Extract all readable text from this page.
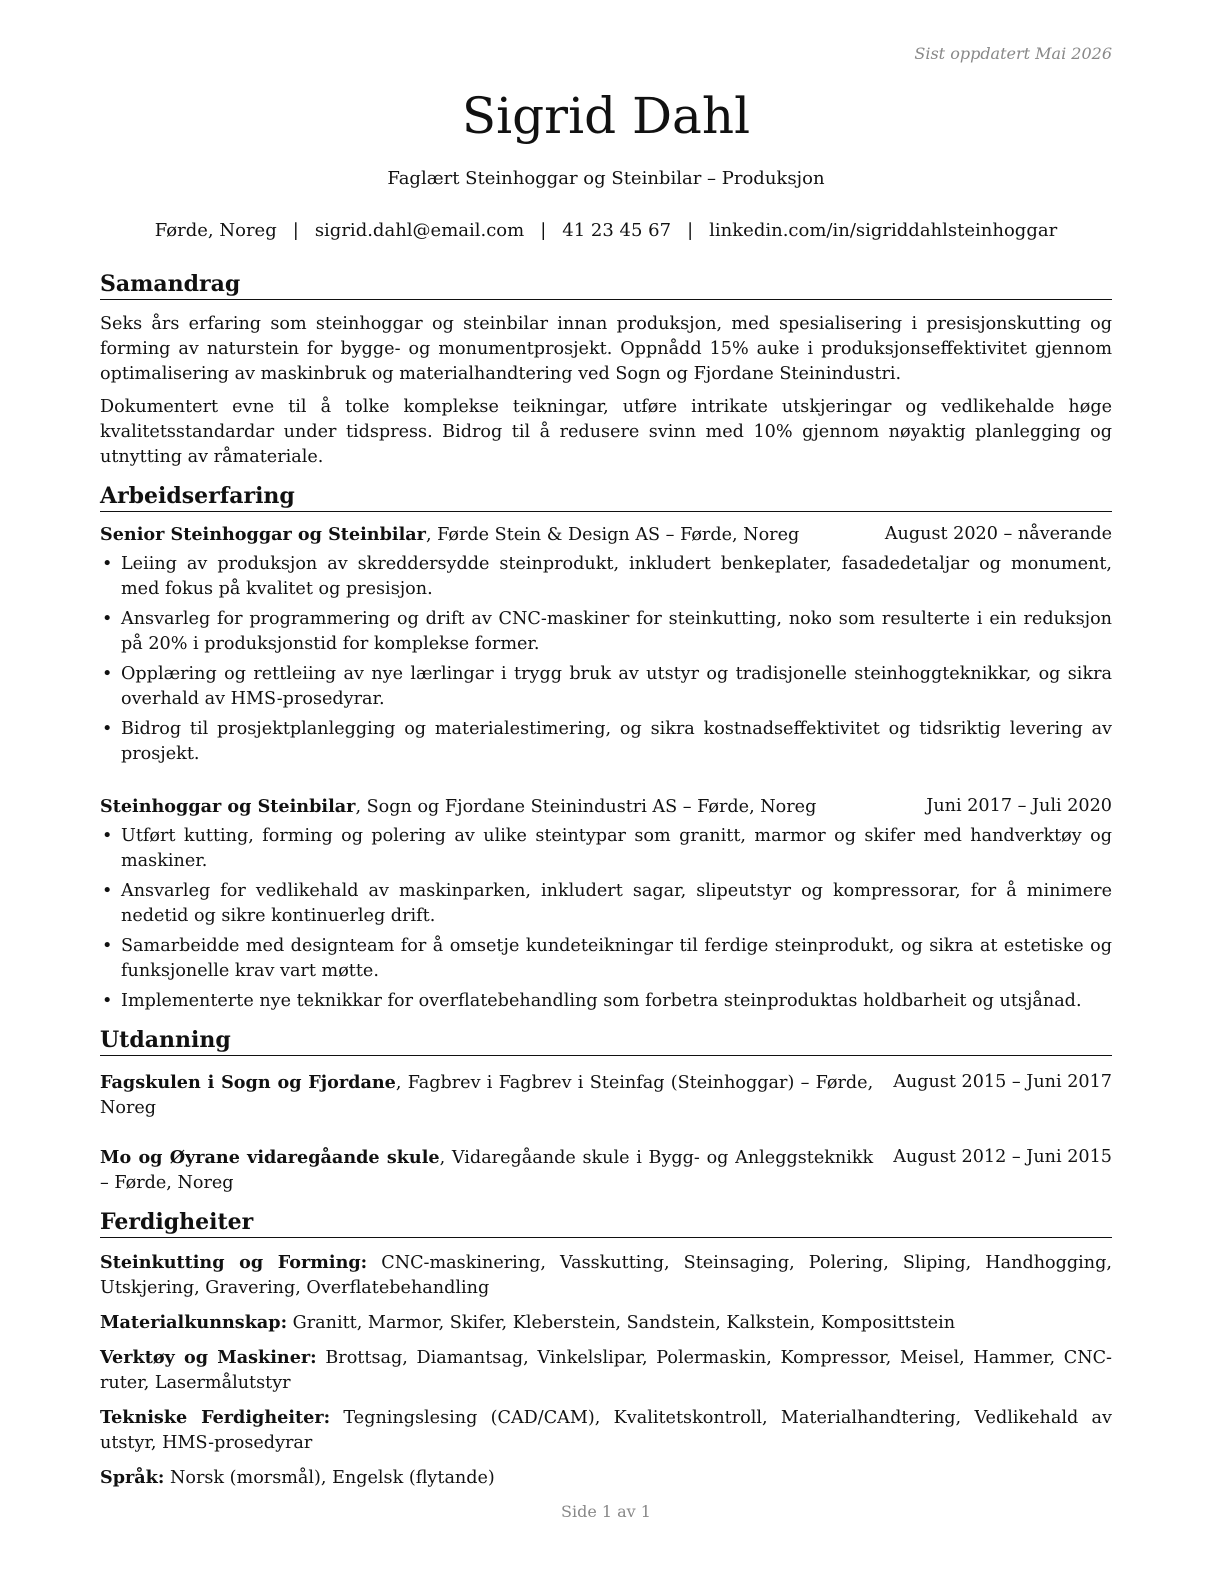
Sist oppdatert Mai 2026
Sigrid Dahl
Faglært Steinhoggar og Steinbilar – Produksjon
Førde, Noreg | sigrid.dahl@email.com | 41 23 45 67 | linkedin.com/in/sigriddahlsteinhoggar
Samandrag

Seks års erfaring som steinhoggar og steinbilar innan produksjon, med spesialisering i presisjonskutting og forming av naturstein for bygge- og monumentprosjekt. Oppnådd 15% auke i produksjonseffektivitet gjennom optimalisering av maskinbruk og materialhandtering ved Sogn og Fjordane Steinindustri.

Dokumentert evne til å tolke komplekse teikningar, utføre intrikate utskjeringar og vedlikehalde høge kvalitetsstandardar under tidspress. Bidrog til å redusere svinn med 10% gjennom nøyaktig planlegging og utnytting av råmateriale.

Arbeidserfaring
Senior Steinhoggar og Steinbilar, Førde Stein & Design AS – Førde, Noreg	August 2020 – nåverande
• Leiing av produksjon av skreddersydde steinprodukt, inkludert benkeplater, fasadedetaljar og monument, med fokus på kvalitet og presisjon.
• Ansvarleg for programmering og drift av CNC-maskiner for steinkutting, noko som resulterte i ein reduksjon på 20% i produksjonstid for komplekse former.
• Opplæring og rettleiing av nye lærlingar i trygg bruk av utstyr og tradisjonelle steinhoggteknikkar, og sikra overhald av HMS-prosedyrar.
• Bidrog til prosjektplanlegging og materialestimering, og sikra kostnadseffektivitet og tidsriktig levering av prosjekt.
Steinhoggar og Steinbilar, Sogn og Fjordane Steinindustri AS – Førde, Noreg	Juni 2017 – Juli 2020
• Utført kutting, forming og polering av ulike steintypar som granitt, marmor og skifer med handverktøy og maskiner.
• Ansvarleg for vedlikehald av maskinparken, inkludert sagar, slipeutstyr og kompressorar, for å minimere nedetid og sikre kontinuerleg drift.
• Samarbeidde med designteam for å omsetje kundeteikningar til ferdige steinprodukt, og sikra at estetiske og funksjonelle krav vart møtte.
• Implementerte nye teknikkar for overflatebehandling som forbetra steinproduktas holdbarheit og utsjånad.
Utdanning
Fagskulen i Sogn og Fjordane, Fagbrev i Fagbrev i Steinfag (Steinhoggar) – Førde, Noreg
August 2015 – Juni 2017
Mo og Øyrane vidaregåande skule, Vidaregåande skule i Bygg- og Anleggsteknikk – Førde, Noreg
August 2012 – Juni 2015
Ferdigheiter
Steinkutting og Forming: CNC-maskinering, Vasskutting, Steinsaging, Polering, Sliping, Handhogging, Utskjering, Gravering, Overflatebehandling
Materialkunnskap: Granitt, Marmor, Skifer, Kleberstein, Sandstein, Kalkstein, Komposittstein
Verktøy og Maskiner: Brottsag, Diamantsag, Vinkelslipar, Polermaskin, Kompressor, Meisel, Hammer, CNC-ruter, Lasermålutstyr
Tekniske Ferdigheiter: Tegningslesing (CAD/CAM), Kvalitetskontroll, Materialhandtering, Vedlikehald av utstyr, HMS-prosedyrar
Språk: Norsk (morsmål), Engelsk (flytande)
Side 1 av 1
